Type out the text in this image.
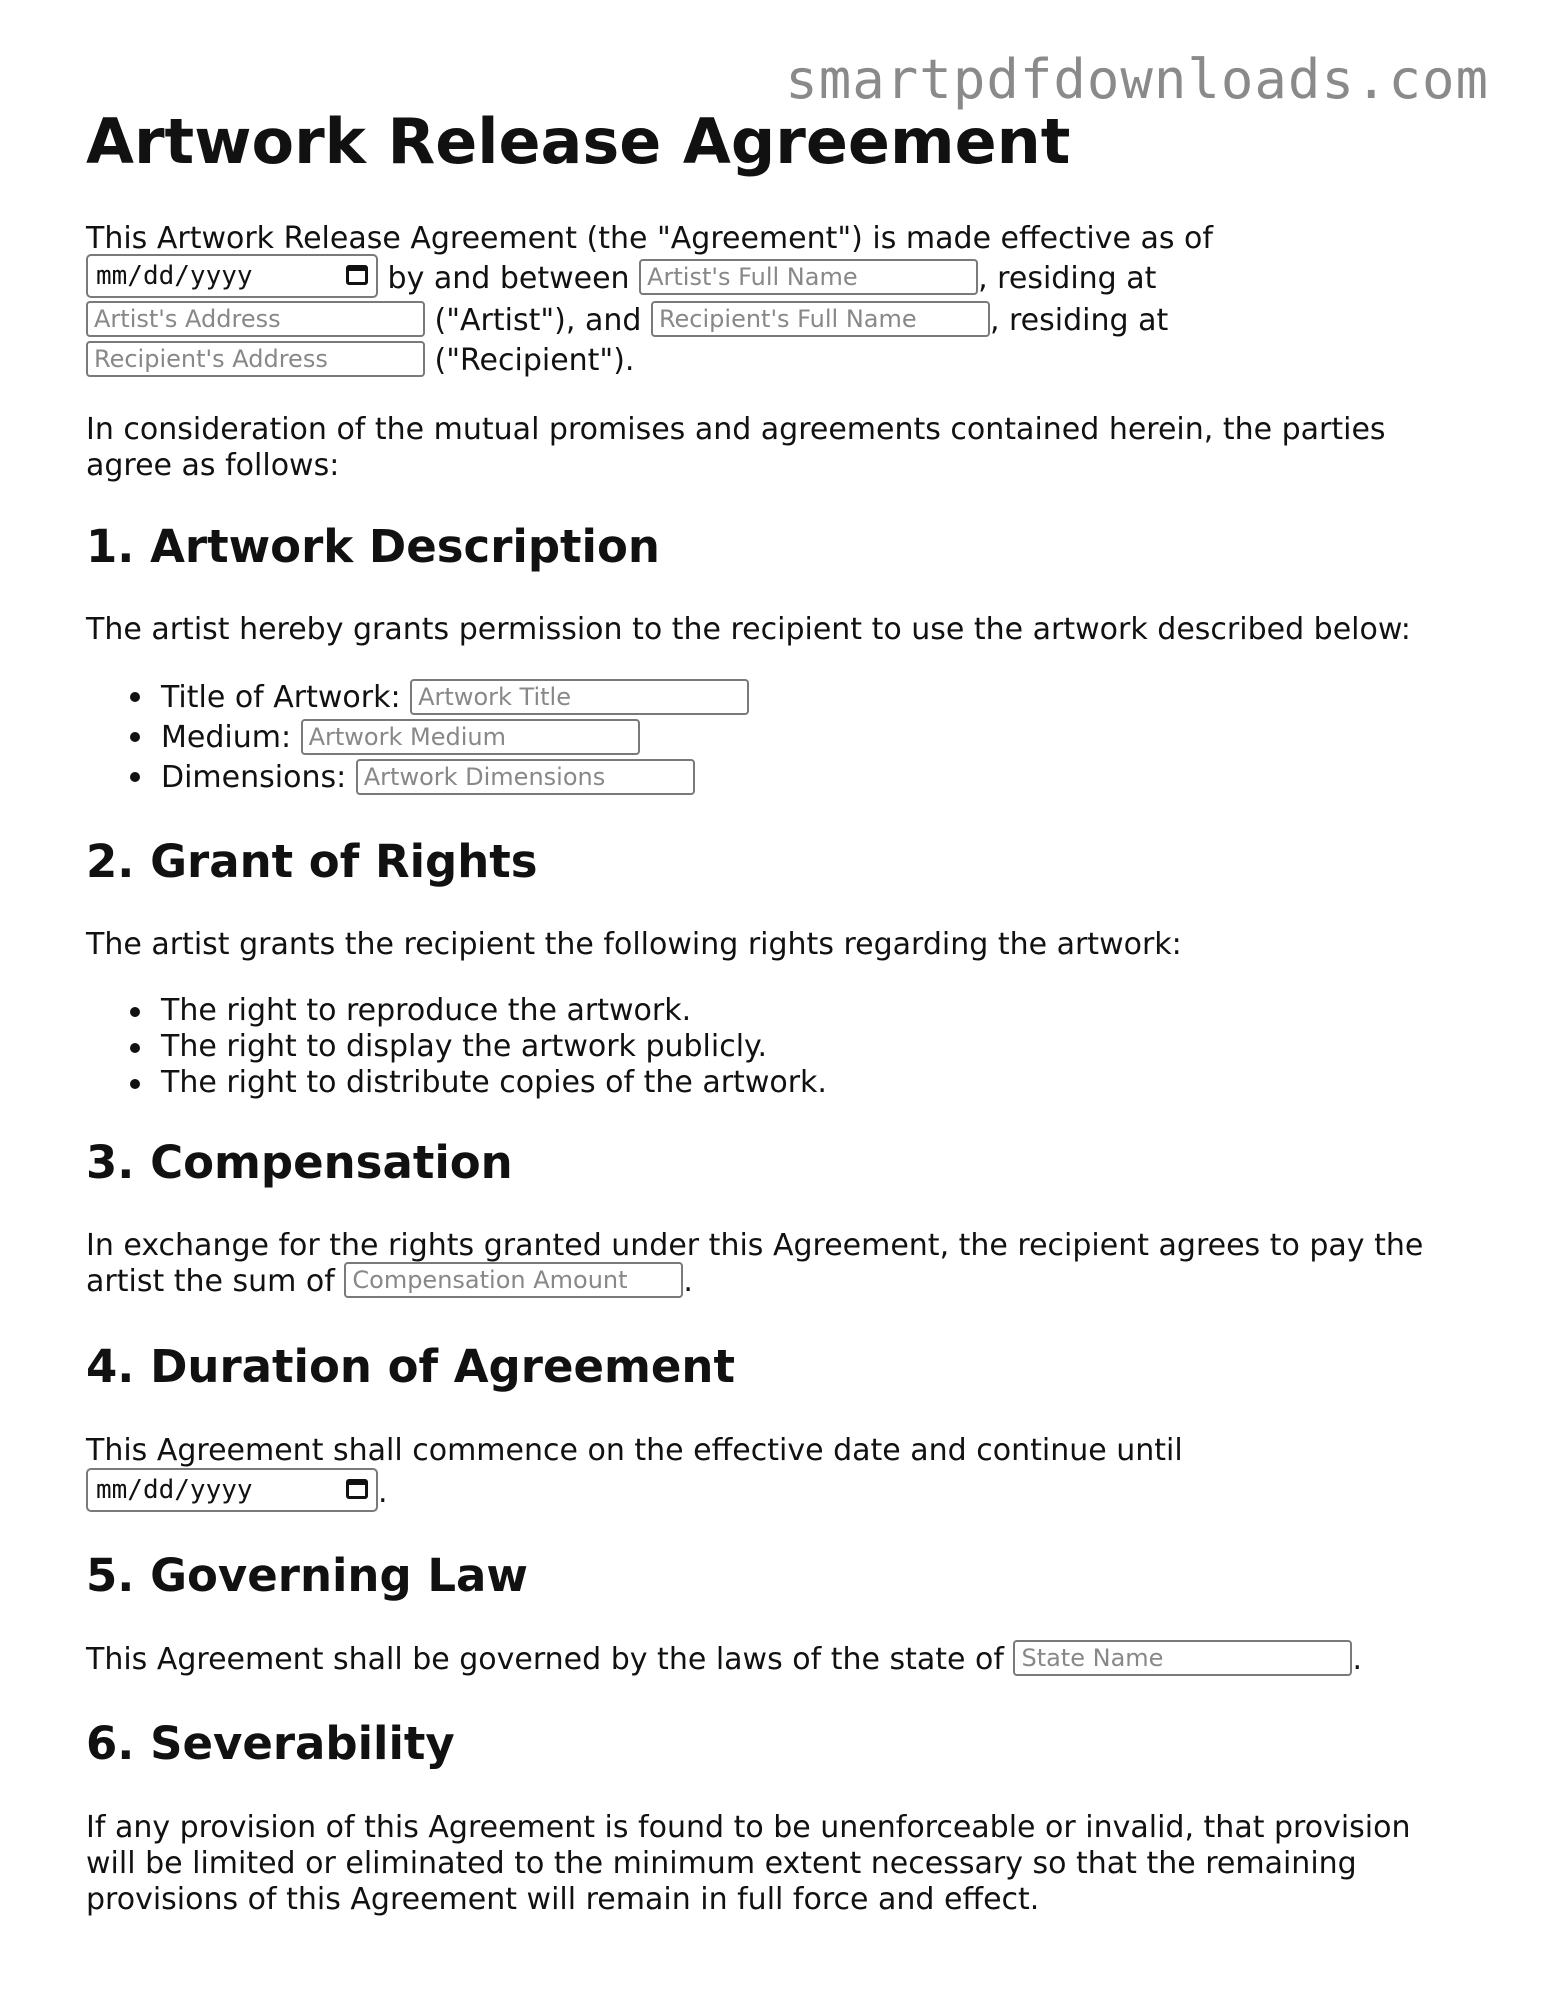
smartpdfdownloads.com
Artwork Release Agreement
This Artwork Release Agreement (the "Agreement") is made effective as of
mm/dd/yyyy	by and between Artist's Full Name	, residing at
Artist's Address	("Artist"), and Recipient's Full Name , residing at
Recipient's Address	("Recipient").
In consideration of the mutual promises and agreements contained herein, the parties
agree as follows:
1. Artwork Description
The artist hereby grants permission to the recipient to use the artwork described below:
Title of Artwork: Artwork Title
Medium: Artwork Medium
Dimensions: Artwork Dimensions
2. Grant of Rights
The artist grants the recipient the following rights regarding the artwork:
The right to reproduce the artwork.
The right to display the artwork publicly.
The right to distribute copies of the artwork.
3. Compensation
In exchange for the rights granted under this Agreement, the recipient agrees to pay the
artist the sum of Compensation Amount .
4. Duration of Agreement
This Agreement shall commence on the effective date and continue until
mm/dd/yyyy	.
5. Governing Law
This Agreement shall be governed by the laws of the state of State Name	.
6. Severability
If any provision of this Agreement is found to be unenforceable or invalid, that provision
will be limited or eliminated to the minimum extent necessary so that the remaining
provisions of this Agreement will remain in full force and effect.
